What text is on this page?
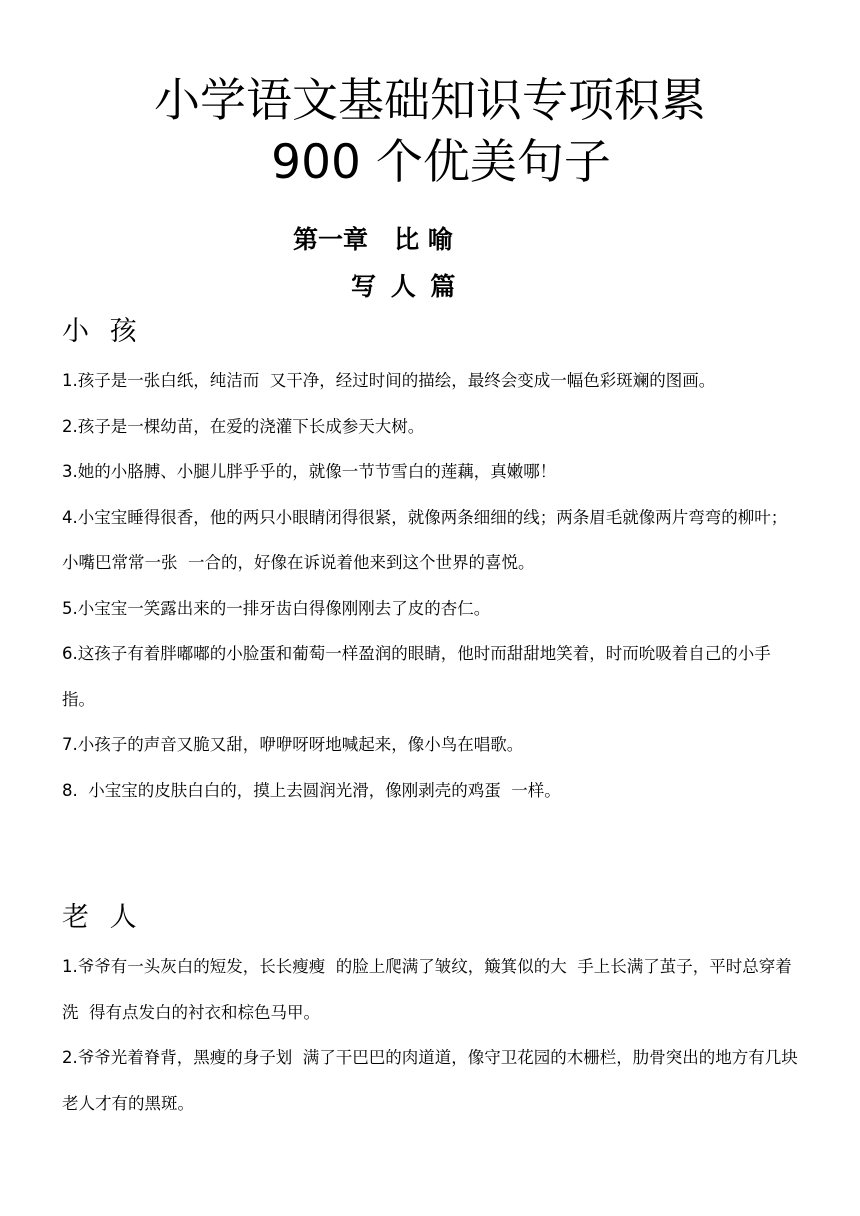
小学语文基础知识专项积累
900 个优美句子
第一章   比 喻
写 人 篇
小 孩

1.孩子是一张白纸，纯洁而  又干净，经过时间的描绘，最终会变成一幅色彩斑斓的图画。

2.孩子是一棵幼苗，在爱的浇灌下长成参天大树。

3.她的小胳膊、小腿儿胖乎乎的，就像一节节雪白的莲藕，真嫩哪！

4.小宝宝睡得很香，他的两只小眼睛闭得很紧，就像两条细细的线；两条眉毛就像两片弯弯的柳叶；小嘴巴常常一张  一合的，好像在诉说着他来到这个世界的喜悦。

5.小宝宝一笑露出来的一排牙齿白得像刚刚去了皮的杏仁。

6.这孩子有着胖嘟嘟的小脸蛋和葡萄一样盈润的眼睛，他时而甜甜地笑着，时而吮吸着自己的小手指。

7.小孩子的声音又脆又甜，咿咿呀呀地喊起来，像小鸟在唱歌。

8.  小宝宝的皮肤白白的，摸上去圆润光滑，像刚剥壳的鸡蛋  一样。

老 人

1.爷爷有一头灰白的短发，长长瘦瘦  的脸上爬满了皱纹，簸箕似的大  手上长满了茧子，平时总穿着洗  得有点发白的衬衣和棕色马甲。

2.爷爷光着脊背，黑瘦的身子划  满了干巴巴的肉道道，像守卫花园的木栅栏，肋骨突出的地方有几块老人才有的黑斑。
